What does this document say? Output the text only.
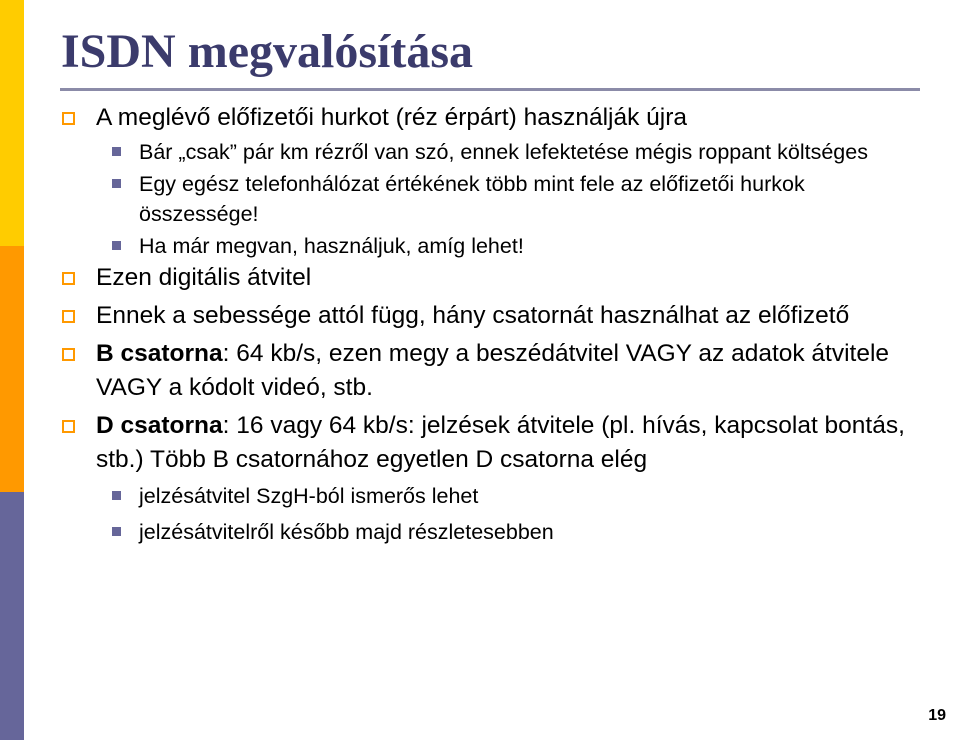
ISDN megvalósítása
A meglévő előfizetői hurkot (réz érpárt) használják újra
Bár „csak” pár km rézről van szó, ennek lefektetése mégis roppant költséges
Egy egész telefonhálózat értékének több mint fele az előfizetői hurkok összessége!
Ha már megvan, használjuk, amíg lehet!
Ezen digitális átvitel
Ennek a sebessége attól függ, hány csatornát használhat az előfizető
B csatorna: 64 kb/s, ezen megy a beszédátvitel VAGY az adatok átvitele VAGY a kódolt videó, stb.
D csatorna: 16 vagy 64 kb/s: jelzések átvitele (pl. hívás, kapcsolat bontás, stb.) Több B csatornához egyetlen D csatorna elég
jelzésátvitel SzgH-ból ismerős lehet
jelzésátvitelről később majd részletesebben
19
